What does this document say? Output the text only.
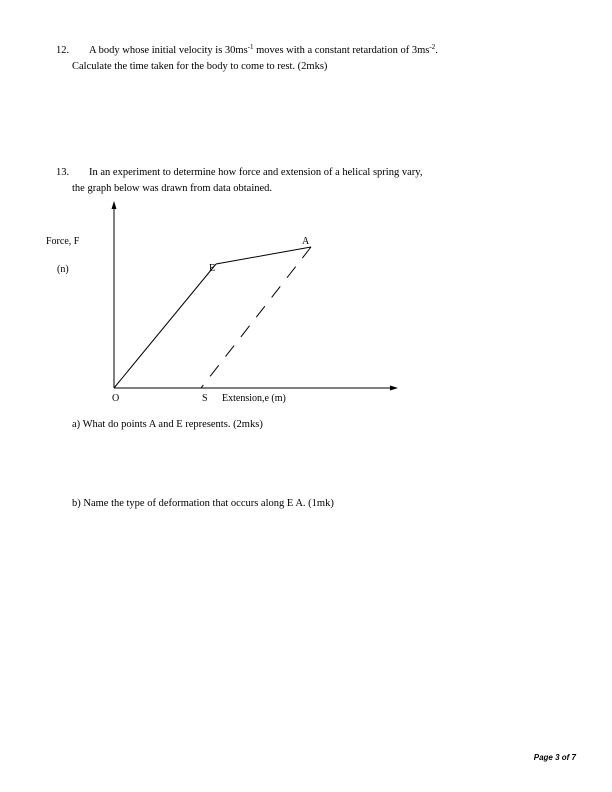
12. A body whose initial velocity is $30ms^{-1}$ moves with a constant retardation of $3ms^{-2}$.
Calculate the time taken for the body to come to rest. (2mks)
13. In an experiment to determine how force and extension of a helical spring vary,
the graph below was drawn from data obtained.
Force, F
(n)
A
E
O	S Extension,e (m)
a) What do points A and E represents. (2mks)
b) Name the type of deformation that occurs along E A. (1mk)
Page 3 of 7
